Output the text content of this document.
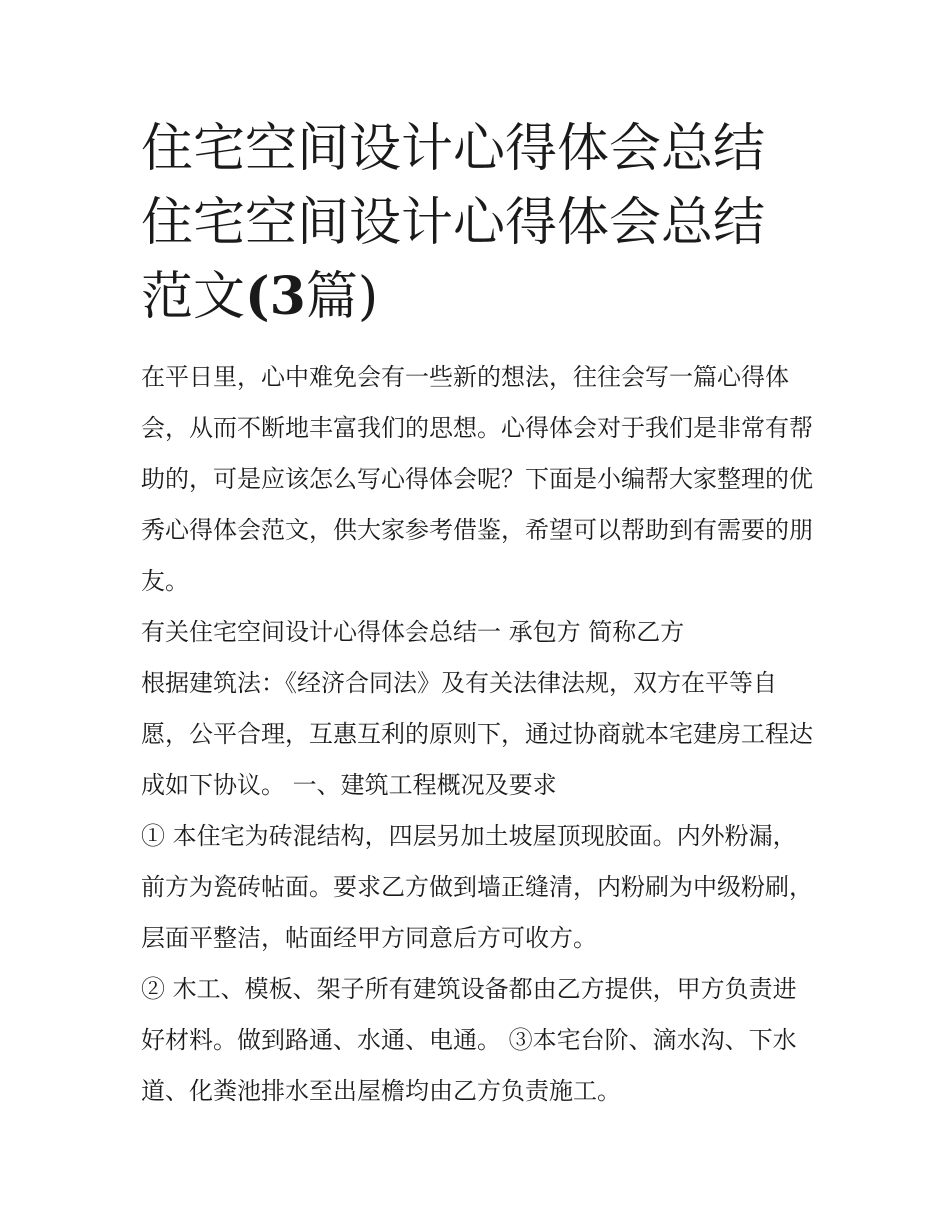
住宅空间设计心得体会总结 住宅空间设计心得体会总结范文(3篇)

在平日里，心中难免会有一些新的想法，往往会写一篇心得体会，从而不断地丰富我们的思想。心得体会对于我们是非常有帮助的，可是应该怎么写心得体会呢？下面是小编帮大家整理的优秀心得体会范文，供大家参考借鉴，希望可以帮助到有需要的朋友。

有关住宅空间设计心得体会总结一 承包方 简称乙方

根据建筑法：《经济合同法》及有关法律法规，双方在平等自愿，公平合理，互惠互利的原则下，通过协商就本宅建房工程达成如下协议。 一、建筑工程概况及要求

① 本住宅为砖混结构，四层另加土坡屋顶现胶面。内外粉漏，前方为瓷砖帖面。要求乙方做到墙正缝清，内粉刷为中级粉刷，层面平整洁，帖面经甲方同意后方可收方。

② 木工、模板、架子所有建筑设备都由乙方提供，甲方负责进好材料。做到路通、水通、电通。 ③本宅台阶、滴水沟、下水道、化粪池排水至出屋檐均由乙方负责施工。
